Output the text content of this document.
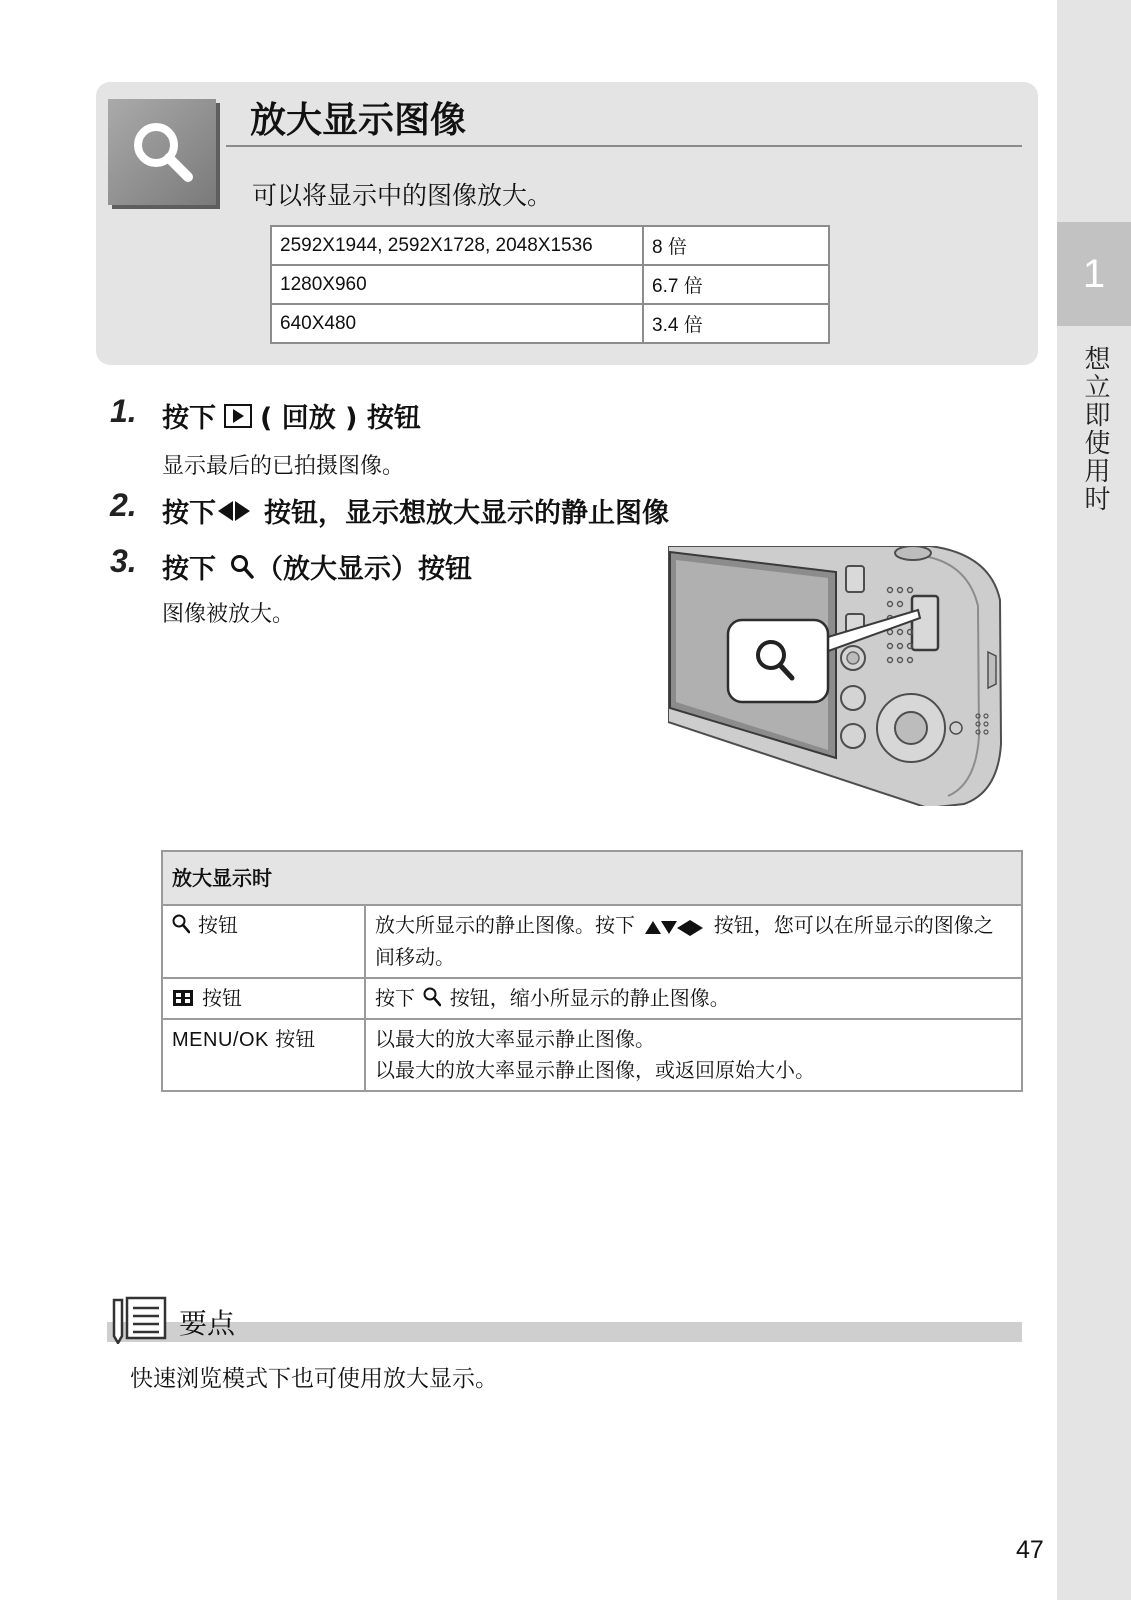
1
想立即使用时
放大显示图像
可以将显示中的图像放大。
2592X1944, 2592X1728, 2048X1536	8 倍
1280X960	6.7 倍
640X480	3.4 倍
1. 按下 ( 回放 ) 按钮
显示最后的已拍摄图像。
2. 按下 按钮，显示想放大显示的静止图像
3. 按下 （放大显示）按钮
图像被放大。
放大显示时	
按钮	放大所显示的静止图像。按下 按钮，您可以在所显示的图像之间移动。
按钮	按下 按钮，缩小所显示的静止图像。
MENU/OK 按钮	以最大的放大率显示静止图像。
以最大的放大率显示静止图像，或返回原始大小。
要点
快速浏览模式下也可使用放大显示。
47
